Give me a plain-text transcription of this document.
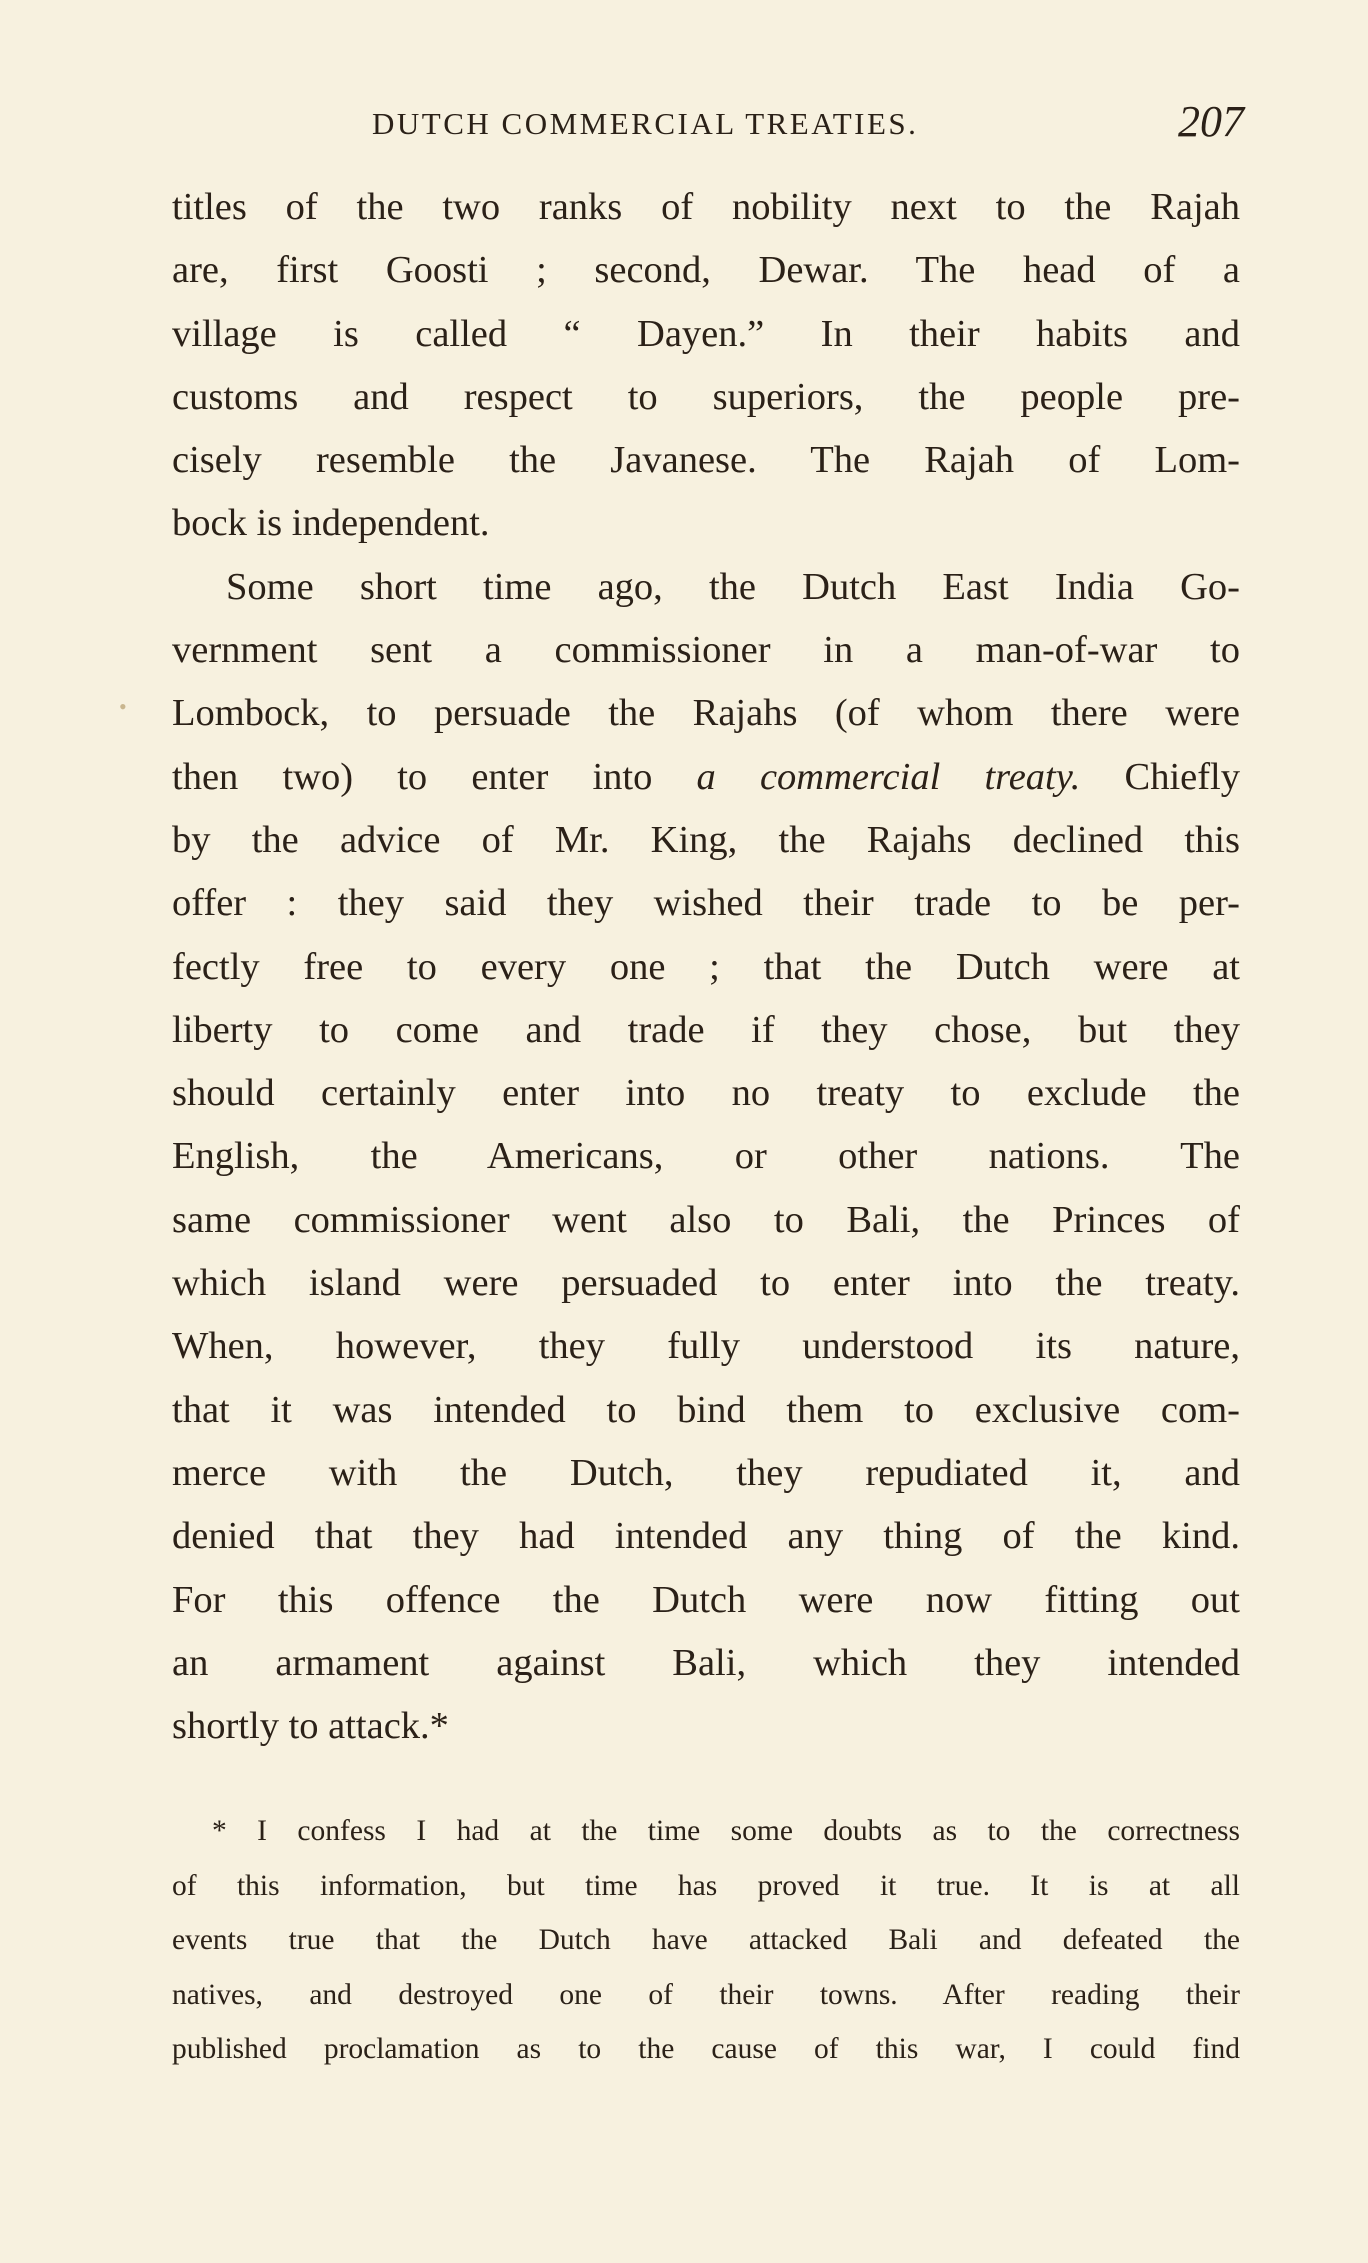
DUTCH COMMERCIAL TREATIES.	207
•
titles of the two ranks of nobility next to the Rajah
are, first Goosti ; second, Dewar. The head of a
village is called “ Dayen.” In their habits and
customs and respect to superiors, the people pre-
cisely resemble the Javanese. The Rajah of Lom-
bock is independent.
Some short time ago, the Dutch East India Go-
vernment sent a commissioner in a man-of-war to
Lombock, to persuade the Rajahs (of whom there were
then two) to enter into a commercial treaty. Chiefly
by the advice of Mr. King, the Rajahs declined this
offer : they said they wished their trade to be per-
fectly free to every one ; that the Dutch were at
liberty to come and trade if they chose, but they
should certainly enter into no treaty to exclude the
English, the Americans, or other nations. The
same commissioner went also to Bali, the Princes of
which island were persuaded to enter into the treaty.
When, however, they fully understood its nature,
that it was intended to bind them to exclusive com-
merce with the Dutch, they repudiated it, and
denied that they had intended any thing of the kind.
For this offence the Dutch were now fitting out
an armament against Bali, which they intended
shortly to attack.*
* I confess I had at the time some doubts as to the correctness
of this information, but time has proved it true. It is at all
events true that the Dutch have attacked Bali and defeated the
natives, and destroyed one of their towns. After reading their
published proclamation as to the cause of this war, I could find
